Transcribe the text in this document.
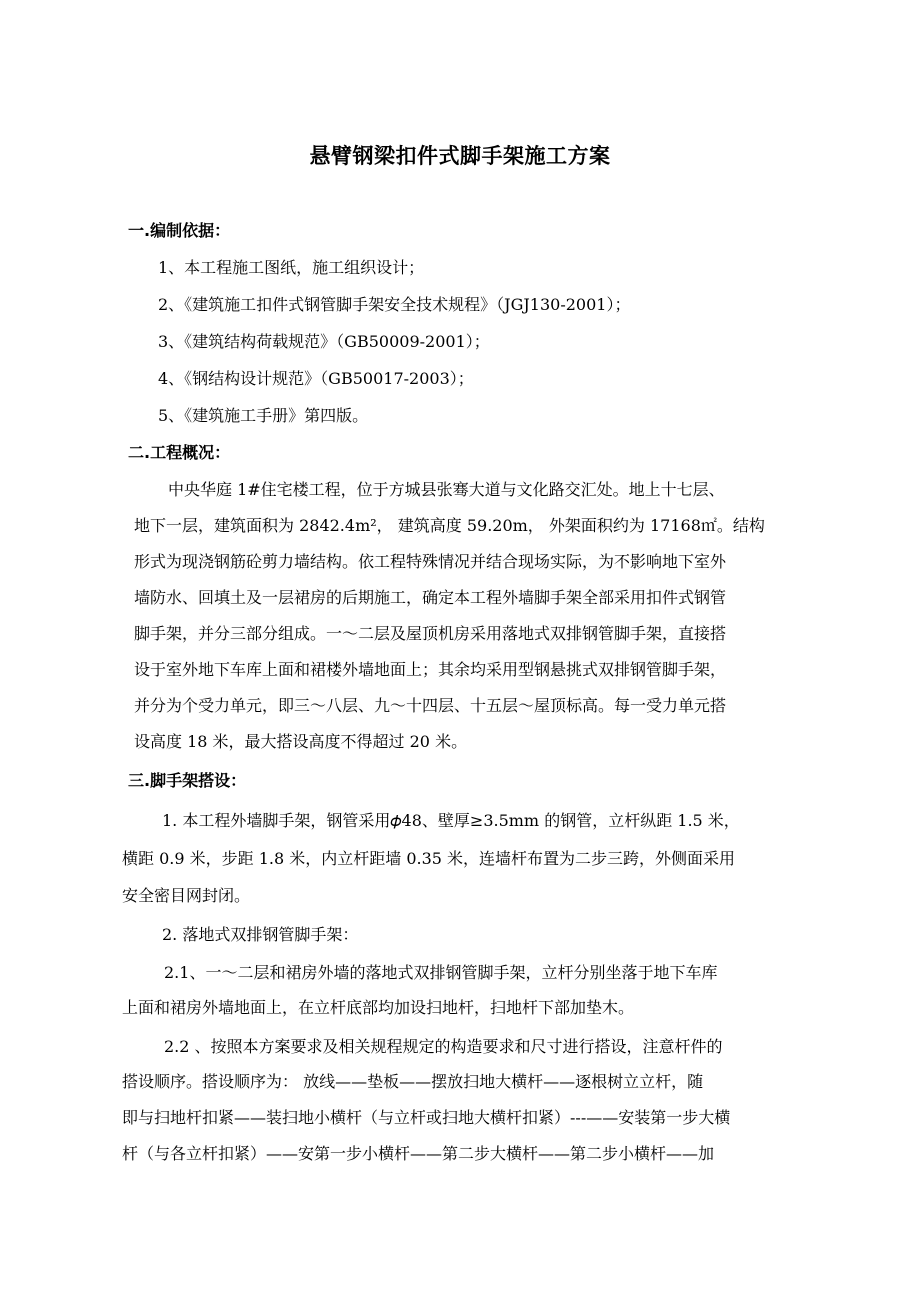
悬臂钢梁扣件式脚手架施工方案
一.编制依据：
1、本工程施工图纸，施工组织设计；
2、《建筑施工扣件式钢管脚手架安全技术规程》（JGJ130-2001）；
3、《建筑结构荷载规范》（GB50009-2001）；
4、《钢结构设计规范》（GB50017-2003）；
5、《建筑施工手册》第四版。
二.工程概况：
中央华庭 1#住宅楼工程，位于方城县张骞大道与文化路交汇处。地上十七层、
地下一层，建筑面积为 2842.4m²， 建筑高度 59.20m， 外架面积约为 17168㎡。结构
形式为现浇钢筋砼剪力墙结构。依工程特殊情况并结合现场实际，为不影响地下室外
墙防水、回填土及一层裙房的后期施工，确定本工程外墙脚手架全部采用扣件式钢管
脚手架，并分三部分组成。一～二层及屋顶机房采用落地式双排钢管脚手架，直接搭
设于室外地下车库上面和裙楼外墙地面上；其余均采用型钢悬挑式双排钢管脚手架，
并分为个受力单元，即三～八层、九～十四层、十五层～屋顶标高。每一受力单元搭
设高度 18 米，最大搭设高度不得超过 20 米。
三.脚手架搭设：
1. 本工程外墙脚手架，钢管采用𝜙48、壁厚≥3.5mm 的钢管，立杆纵距 1.5 米，
横距 0.9 米，步距 1.8 米，内立杆距墙 0.35 米，连墙杆布置为二步三跨，外侧面采用
安全密目网封闭。
2. 落地式双排钢管脚手架：
2.1、一～二层和裙房外墙的落地式双排钢管脚手架，立杆分别坐落于地下车库
上面和裙房外墙地面上，在立杆底部均加设扫地杆，扫地杆下部加垫木。
2.2 、按照本方案要求及相关规程规定的构造要求和尺寸进行搭设，注意杆件的
搭设顺序。搭设顺序为： 放线——垫板——摆放扫地大横杆——逐根树立立杆，随
即与扫地杆扣紧——装扫地小横杆（与立杆或扫地大横杆扣紧）---——安装第一步大横
杆（与各立杆扣紧）——安第一步小横杆——第二步大横杆——第二步小横杆——加
